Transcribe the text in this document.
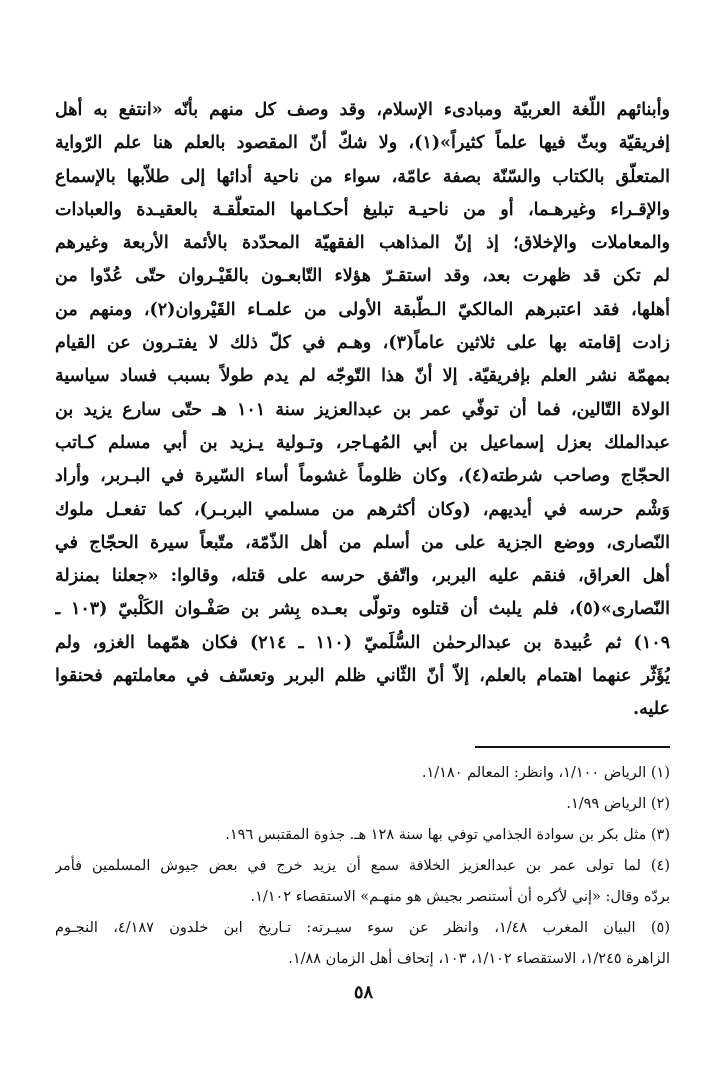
وأبنائهم اللّغة العربيّة ومبادىء الإسلام، وقد وصف كل منهم بأنّه «انتفع به أهل
إفريقيّة وبثّ فيها علماً كثيراً»(١)، ولا شكّ أنّ المقصود بالعلم هنا علم الرّواية
المتعلّق بالكتاب والسّنّة بصفة عامّة، سواء من ناحية أدائها إلى طلاّبها بالإسماع
والإقـراء وغيرهـما، أو من ناحيـة تبليغ أحكـامها المتعلّقـة بالعقيـدة والعبادات
والمعاملات والإخلاق؛ إذ إنّ المذاهب الفقهيّة المحدّدة بالأئمة الأربعة وغيرهم
لم تكن قد ظهرت بعد، وقد استقـرّ هؤلاء التّابعـون بالقَيْـروان حتّى عُدّوا من
أهلها، فقد اعتبرهم المالكيّ الـطّبقة الأولى من علمـاء القَيْروان(٢)، ومنهم من
زادت إقامته بها على ثلاثين عاماً(٣)، وهـم في كلّ ذلك لا يفتـرون عن القيام
بمهمّة نشر العلم بإفريقيّة. إلا أنّ هذا التّوجّه لم يدم طولاً بسبب فساد سياسية
الولاة التّالين، فما أن توفّي عمر بن عبدالعزيز سنة ١٠١ هـ حتّى سارع يزيد بن
عبدالملك بعزل إسماعيل بن أبي المُهـاجر، وتـولية يـزيد بن أبي مسلم كـاتب
الحجّاج وصاحب شرطته(٤)، وكان ظلوماً غشوماً أساء السّيرة في البـربر، وأراد
وَشْم حرسه في أيديهم، (وكان أكثرهم من مسلمي البربـر)، كما تفعـل ملوك
النّصارى، ووضع الجزية على من أسلم من أهل الذّمّة، متّبعاً سيرة الحجّاج في
أهل العراق، فنقم عليه البربر، واتّفق حرسه على قتله، وقالوا: «جعلنا بمنزلة
النّصارى»(٥)، فلم يلبث أن قتلوه وتولّى بعـده بِشر بن صَفْـوان الكَلْبيّ (١٠٣ ـ
١٠٩) ثم عُبيدة بن عبدالرحمٰن السُّلَميّ (١١٠ ـ ٢١٤) فكان همّهما الغزو، ولم
يُؤَثّر عنهما اهتمام بالعلم، إلاّ أنّ الثّاني ظلم البربر وتعسّف في معاملتهم فحنقوا
عليه.
(١) الرياض ١/١٠٠، وانظر: المعالم ١/١٨٠.
(٢) الرياض ١/٩٩.
(٣) مثل بكر بن سوادة الجذامي توفي بها سنة ١٢٨ هـ. جذوة المقتبس ١٩٦.
(٤) لما تولى عمر بن عبدالعزيز الخلافة سمع أن يزيد خرج في بعض جيوش المسلمين فأمر
بردّه وقال: «إني لأكره أن أستنصر بجيش هو منهـم» الاستقصاء ١/١٠٢.
(٥) البيان المغرب ١/٤٨، وانظر عن سوء سيـرته: تـاريخ ابن خلدون ٤/١٨٧، النجـوم
الزاهرة ١/٢٤٥، الاستقصاء ١/١٠٢، ١٠٣، إتحاف أهل الزمان ١/٨٨.
٥٨
